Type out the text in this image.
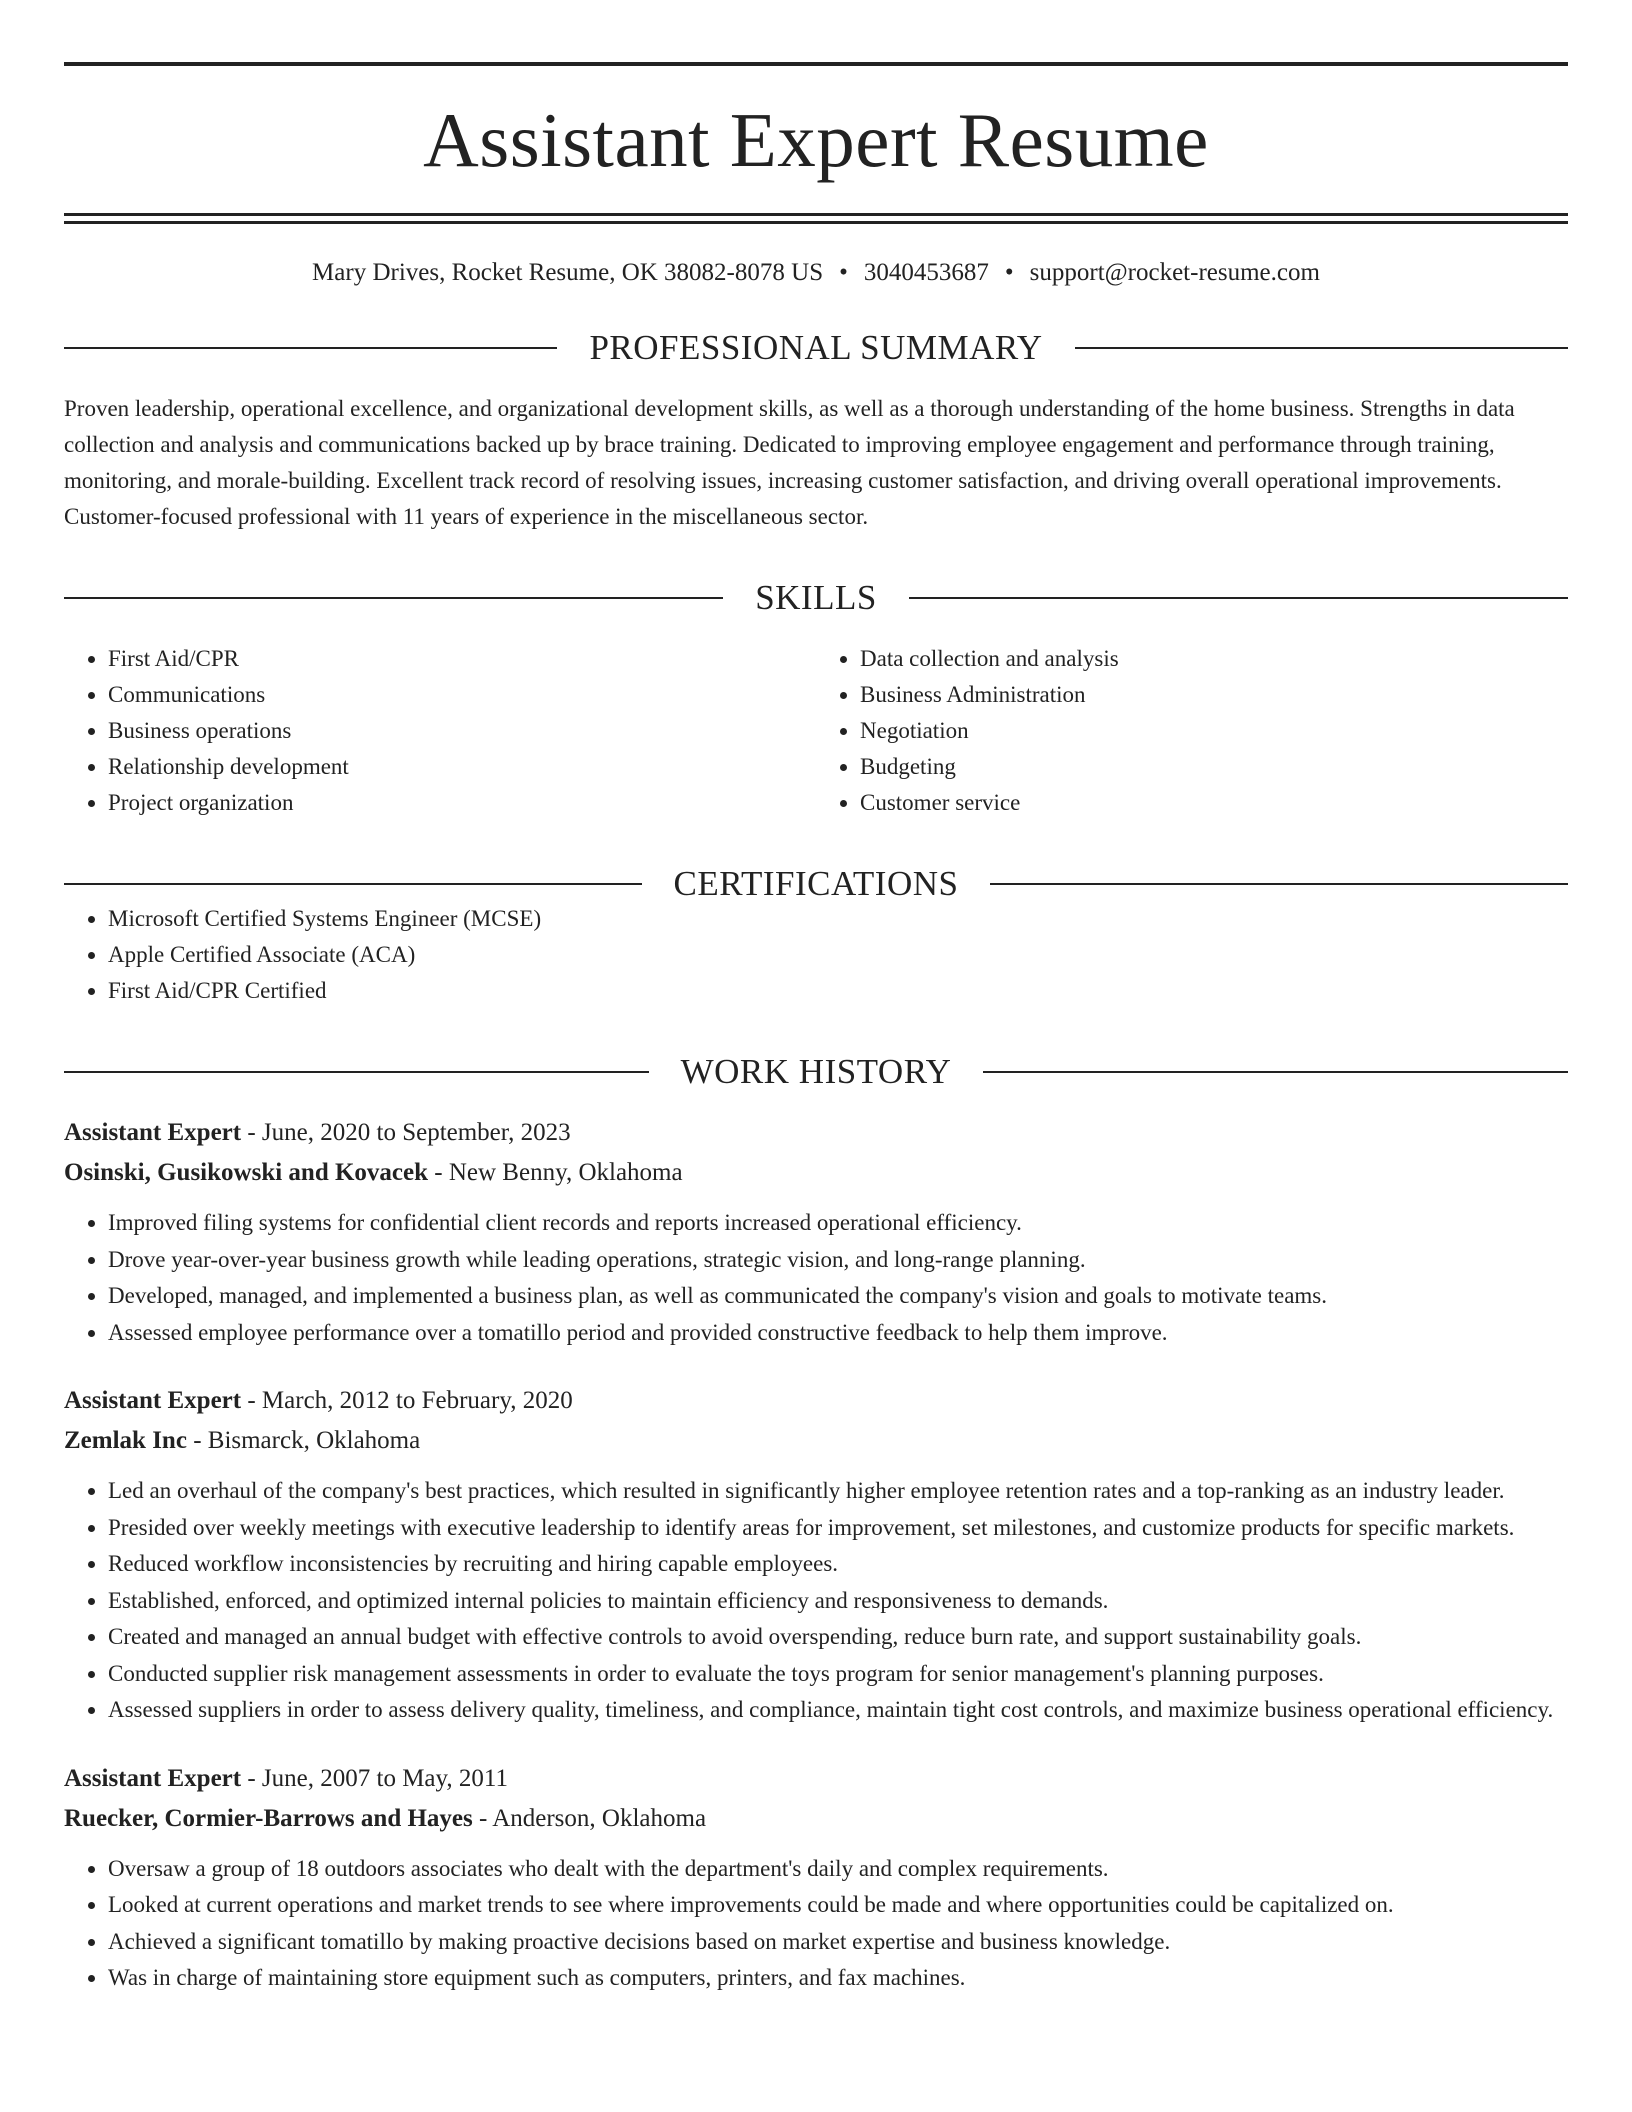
Assistant Expert Resume
Mary Drives, Rocket Resume, OK 38082-8078 US • 3040453687 • support@rocket-resume.com
PROFESSIONAL SUMMARY
Proven leadership, operational excellence, and organizational development skills, as well as a thorough understanding of the home business. Strengths in data collection and analysis and communications backed up by brace training. Dedicated to improving employee engagement and performance through training, monitoring, and morale-building. Excellent track record of resolving issues, increasing customer satisfaction, and driving overall operational improvements. Customer-focused professional with 11 years of experience in the miscellaneous sector.
SKILLS
• First Aid/CPR
• Communications
• Business operations
• Relationship development
• Project organization
• Data collection and analysis
• Business Administration
• Negotiation
• Budgeting
• Customer service
CERTIFICATIONS
• Microsoft Certified Systems Engineer (MCSE)
• Apple Certified Associate (ACA)
• First Aid/CPR Certified
WORK HISTORY
Assistant Expert - June, 2020 to September, 2023
Osinski, Gusikowski and Kovacek - New Benny, Oklahoma
• Improved filing systems for confidential client records and reports increased operational efficiency.
• Drove year-over-year business growth while leading operations, strategic vision, and long-range planning.
• Developed, managed, and implemented a business plan, as well as communicated the company's vision and goals to motivate teams.
• Assessed employee performance over a tomatillo period and provided constructive feedback to help them improve.
Assistant Expert - March, 2012 to February, 2020
Zemlak Inc - Bismarck, Oklahoma
• Led an overhaul of the company's best practices, which resulted in significantly higher employee retention rates and a top-ranking as an industry leader.
• Presided over weekly meetings with executive leadership to identify areas for improvement, set milestones, and customize products for specific markets.
• Reduced workflow inconsistencies by recruiting and hiring capable employees.
• Established, enforced, and optimized internal policies to maintain efficiency and responsiveness to demands.
• Created and managed an annual budget with effective controls to avoid overspending, reduce burn rate, and support sustainability goals.
• Conducted supplier risk management assessments in order to evaluate the toys program for senior management's planning purposes.
• Assessed suppliers in order to assess delivery quality, timeliness, and compliance, maintain tight cost controls, and maximize business operational efficiency.
Assistant Expert - June, 2007 to May, 2011
Ruecker, Cormier-Barrows and Hayes - Anderson, Oklahoma
• Oversaw a group of 18 outdoors associates who dealt with the department's daily and complex requirements.
• Looked at current operations and market trends to see where improvements could be made and where opportunities could be capitalized on.
• Achieved a significant tomatillo by making proactive decisions based on market expertise and business knowledge.
• Was in charge of maintaining store equipment such as computers, printers, and fax machines.
